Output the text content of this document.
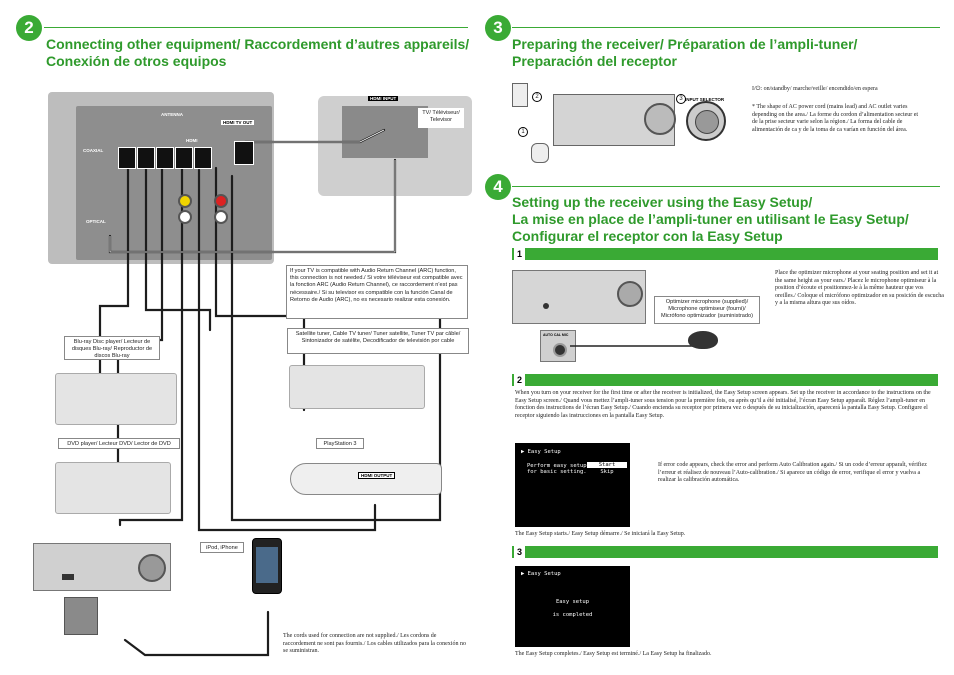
2
Connecting other equipment/ Raccordement d’autres appareils/
Conexión de otros equipos
ANTENNA
COAXIAL
OPTICAL
HDMI TV OUT
HDMI
HDMI INPUT
TV/ Téléviseur/ Televisor
If your TV is compatible with Audio Return Channel (ARC) function, this connection is not needed./ Si votre téléviseur est compatible avec la fonction ARC (Audio Return Channel), ce raccordement n’est pas nécessaire./ Si su televisor es compatible con la función Canal de Retorno de Audio (ARC), no es necesario realizar esta conexión.
Blu-ray Disc player/ Lecteur de disques Blu-ray/ Reproductor de discos Blu-ray
Satellite tuner, Cable TV tuner/ Tuner satellite, Tuner TV par câble/ Sintonizador de satélite, Decodificador de televisión por cable
DVD player/ Lecteur DVD/ Lector de DVD	PlayStation 3
HDMI OUTPUT
iPod, iPhone
The cords used for connection are not supplied./ Les cordons de raccordement ne sont pas fournis./ Los cables utilizados para la conexión no se suministran.
3
Preparing the receiver/ Préparation de l’ampli-tuner/
Preparación del receptor
INPUT SELECTOR
2
1
3
I/⏻: on/standby/ marche/veille/ encendido/en espera
* The shape of AC power cord (mains lead) and AC outlet varies depending on the area./ La forme du cordon d’alimentation secteur et de la prise secteur varie selon la région./ La forma del cable de alimentación de ca y de la toma de ca varían en función del área.
4
Setting up the receiver using the Easy Setup/
La mise en place de l’ampli-tuner en utilisant le Easy Setup/
Configurar el receptor con la Easy Setup
1
AUTO CAL MIC
Optimizer microphone (supplied)/ Microphone optimiseur (fourni)/ Micrófono optimizador (suministrado)
Place the optimizer microphone at your seating position and set it at the same height as your ears./ Placez le microphone optimiseur à la position d’écoute et positionnez-le à la même hauteur que vos oreilles./ Coloque el micrófono optimizador en su posición de escucha y a la misma altura que sus oídos.
2
When you turn on your receiver for the first time or after the receiver is initialized, the Easy Setup screen appears. Set up the receiver in accordance to the instructions on the Easy Setup screen./ Quand vous mettez l’ampli-tuner sous tension pour la première fois, ou après qu’il a été initialisé, l’écran Easy Setup apparaît. Réglez l’ampli-tuner en fonction des instructions de l’écran Easy Setup./ Cuando encienda su receptor por primera vez o después de su inicialización, aparecerá la pantalla Easy Setup. Configure el receptor siguiendo las instrucciones en la pantalla Easy Setup.
▶ Easy Setup
Perform easy setup for basic setting.
Start
Skip
If error code appears, check the error and perform Auto Calibration again./ Si un code d’erreur apparaît, vérifiez l’erreur et réalisez de nouveau l’Auto-calibration./ Si aparece un código de error, verifique el error y vuelva a realizar la calibración automática.
The Easy Setup starts./ Easy Setup démarre./ Se iniciará la Easy Setup.
3
▶ Easy Setup
Easy setup
is completed
The Easy Setup completes./ Easy Setup est terminé./ La Easy Setup ha finalizado.
